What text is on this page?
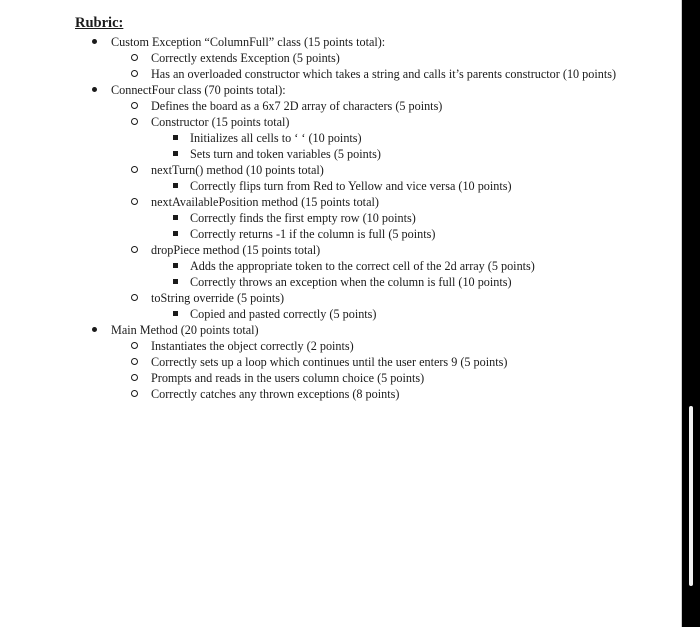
Rubric:
Custom Exception “ColumnFull” class (15 points total):
Correctly extends Exception (5 points)
Has an overloaded constructor which takes a string and calls it’s parents constructor (10 points)
ConnectFour class (70 points total):
Defines the board as a 6x7 2D array of characters (5 points)
Constructor (15 points total)
Initializes all cells to ‘ ‘ (10 points)
Sets turn and token variables (5 points)
nextTurn() method (10 points total)
Correctly flips turn from Red to Yellow and vice versa (10 points)
nextAvailablePosition method (15 points total)
Correctly finds the first empty row (10 points)
Correctly returns -1 if the column is full (5 points)
dropPiece method (15 points total)
Adds the appropriate token to the correct cell of the 2d array (5 points)
Correctly throws an exception when the column is full (10 points)
toString override (5 points)
Copied and pasted correctly (5 points)
Main Method (20 points total)
Instantiates the object correctly (2 points)
Correctly sets up a loop which continues until the user enters 9 (5 points)
Prompts and reads in the users column choice (5 points)
Correctly catches any thrown exceptions (8 points)
